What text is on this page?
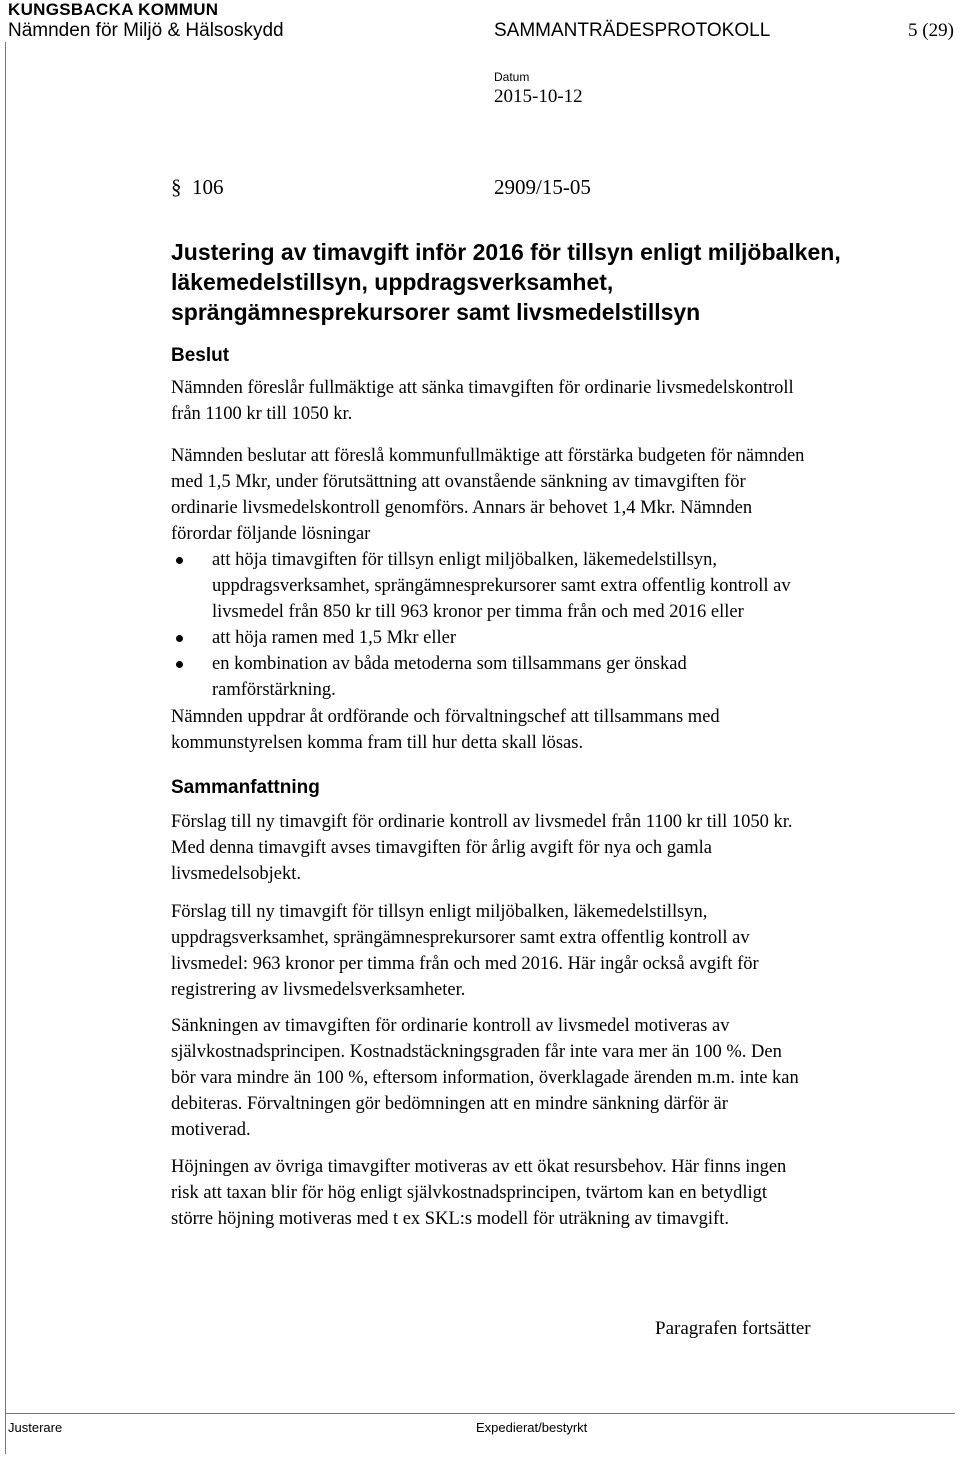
KUNGSBACKA KOMMUN
Nämnden för Miljö & Hälsoskydd	SAMMANTRÄDESPROTOKOLL	5 (29)
Datum
2015-10-12
§ 106	2909/15-05
Justering av timavgift inför 2016 för tillsyn enligt miljöbalken,
läkemedelstillsyn, uppdragsverksamhet,
sprängämnesprekursorer samt livsmedelstillsyn
Beslut
Nämnden föreslår fullmäktige att sänka timavgiften för ordinarie livsmedelskontroll
från 1100 kr till 1050 kr.
Nämnden beslutar att föreslå kommunfullmäktige att förstärka budgeten för nämnden
med 1,5 Mkr, under förutsättning att ovanstående sänkning av timavgiften för
ordinarie livsmedelskontroll genomförs. Annars är behovet 1,4 Mkr. Nämnden
förordar följande lösningar
att höja timavgiften för tillsyn enligt miljöbalken, läkemedelstillsyn,
uppdragsverksamhet, sprängämnesprekursorer samt extra offentlig kontroll av
livsmedel från 850 kr till 963 kronor per timma från och med 2016 eller
att höja ramen med 1,5 Mkr eller
en kombination av båda metoderna som tillsammans ger önskad
ramförstärkning.
Nämnden uppdrar åt ordförande och förvaltningschef att tillsammans med
kommunstyrelsen komma fram till hur detta skall lösas.
Sammanfattning
Förslag till ny timavgift för ordinarie kontroll av livsmedel från 1100 kr till 1050 kr.
Med denna timavgift avses timavgiften för årlig avgift för nya och gamla
livsmedelsobjekt.
Förslag till ny timavgift för tillsyn enligt miljöbalken, läkemedelstillsyn,
uppdragsverksamhet, sprängämnesprekursorer samt extra offentlig kontroll av
livsmedel: 963 kronor per timma från och med 2016. Här ingår också avgift för
registrering av livsmedelsverksamheter.
Sänkningen av timavgiften för ordinarie kontroll av livsmedel motiveras av
självkostnadsprincipen. Kostnadstäckningsgraden får inte vara mer än 100 %. Den
bör vara mindre än 100 %, eftersom information, överklagade ärenden m.m. inte kan
debiteras. Förvaltningen gör bedömningen att en mindre sänkning därför är
motiverad.
Höjningen av övriga timavgifter motiveras av ett ökat resursbehov. Här finns ingen
risk att taxan blir för hög enligt självkostnadsprincipen, tvärtom kan en betydligt
större höjning motiveras med t ex SKL:s modell för uträkning av timavgift.
Paragrafen fortsätter
Justerare	Expedierat/bestyrkt
